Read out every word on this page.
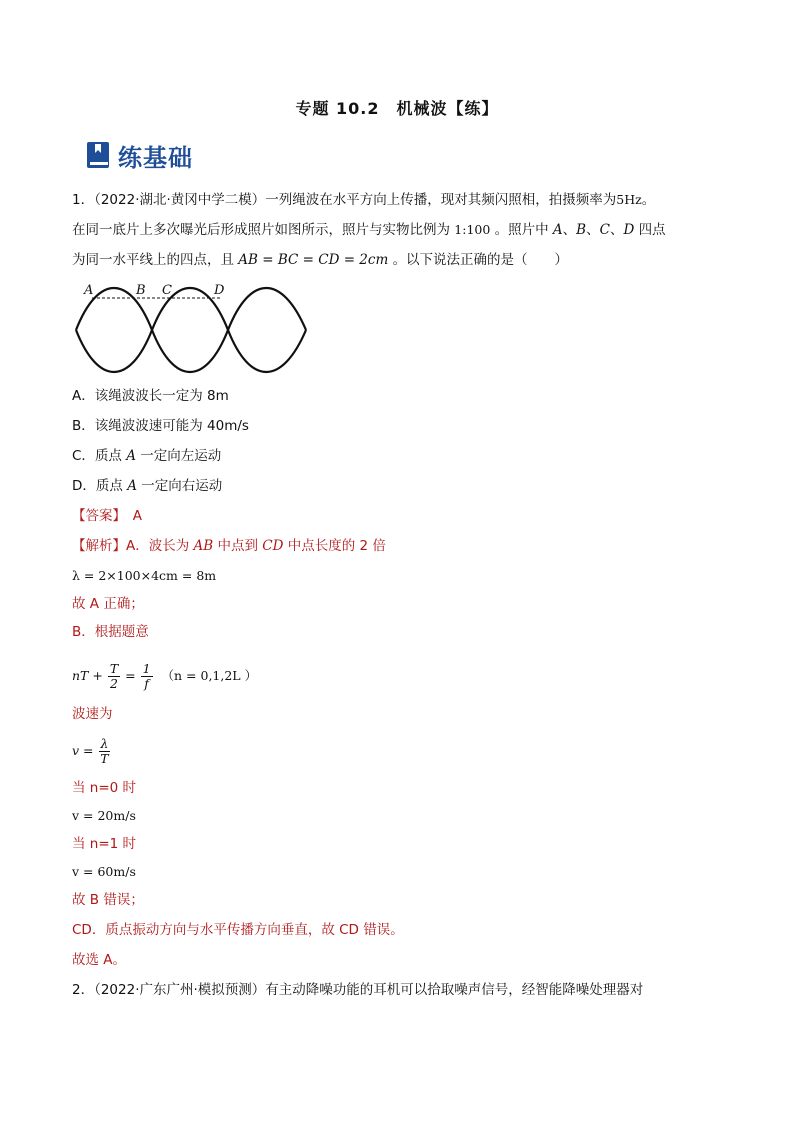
专题 10.2　机械波【练】
练基础
1．（2022·湖北·黄冈中学二模）一列绳波在水平方向上传播，现对其频闪照相，拍摄频率为5Hz。
在同一底片上多次曝光后形成照片如图所示，照片与实物比例为 1:100 。照片中 A、B、C、D 四点
为同一水平线上的四点，且 AB = BC = CD = 2cm 。以下说法正确的是（　　）
A	B C	D
A．该绳波波长一定为 8m
B．该绳波波速可能为 40m/s
C．质点 A 一定向左运动
D．质点 A 一定向右运动
【答案】　 A
【解析】A．波长为 AB 中点到 CD 中点长度的 2 倍
λ = 2×100×4cm = 8m
故 A 正确；
B．根据题意
nT + $\frac{T}{2} = \frac{1}{f} (n = 0,1,2L$ ）
波速为
$v = \frac{\lambda}{T}$
当 n=0 时
v = 20m/s
当 n=1 时
v = 60m/s
故 B 错误；
CD．质点振动方向与水平传播方向垂直，故 CD 错误。
故选 A。
2．（2022·广东广州·模拟预测）有主动降噪功能的耳机可以拾取噪声信号，经智能降噪处理器对
